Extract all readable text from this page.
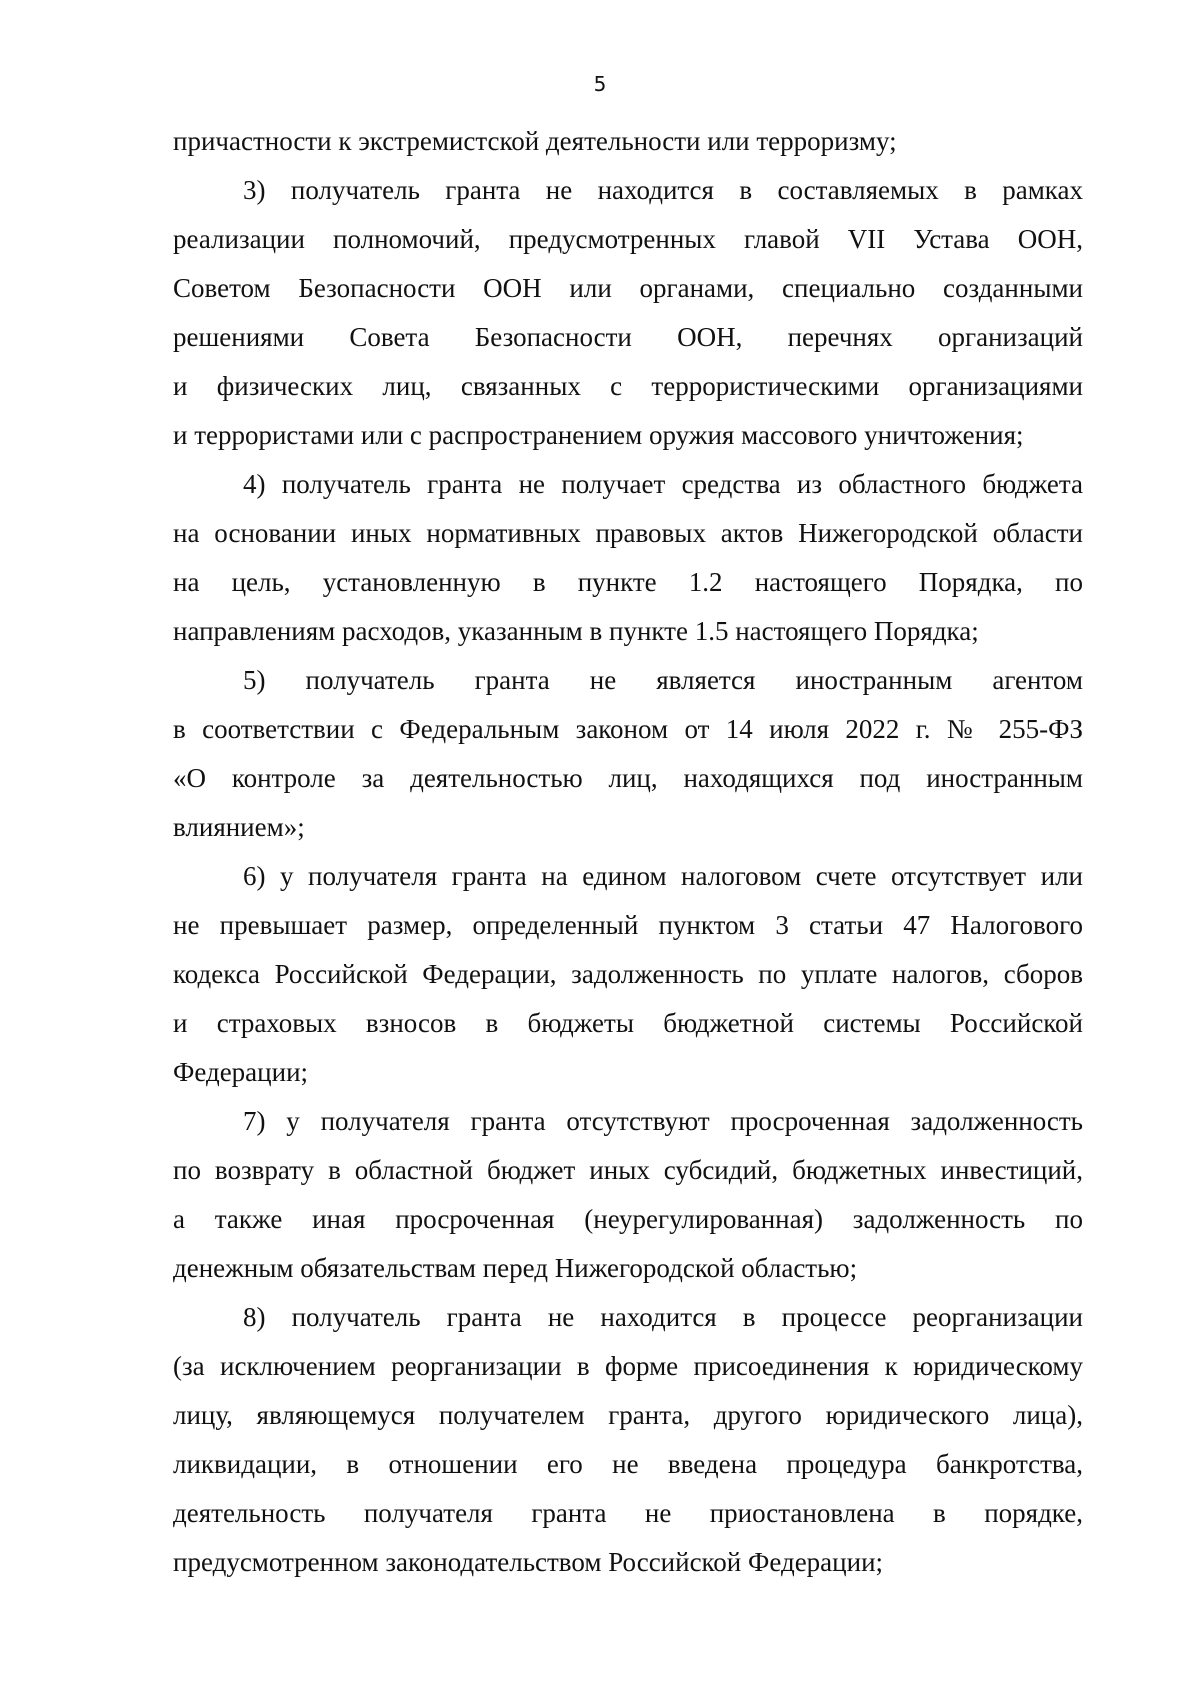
5
причастности к экстремистской деятельности или терроризму;
3) получатель гранта не находится в составляемых в рамках
реализации полномочий, предусмотренных главой VII Устава ООН,
Советом Безопасности ООН или органами, специально созданными
решениями Совета Безопасности ООН, перечнях организаций
и физических лиц, связанных с террористическими организациями
и террористами или с распространением оружия массового уничтожения;
4) получатель гранта не получает средства из областного бюджета
на основании иных нормативных правовых актов Нижегородской области
на цель, установленную в пункте 1.2 настоящего Порядка, по
направлениям расходов, указанным в пункте 1.5 настоящего Порядка;
5) получатель гранта не является иностранным агентом
в соответствии с Федеральным законом от 14 июля 2022 г. № 255-ФЗ
«О контроле за деятельностью лиц, находящихся под иностранным
влиянием»;
6) у получателя гранта на едином налоговом счете отсутствует или
не превышает размер, определенный пунктом 3 статьи 47 Налогового
кодекса Российской Федерации, задолженность по уплате налогов, сборов
и страховых взносов в бюджеты бюджетной системы Российской
Федерации;
7) у получателя гранта отсутствуют просроченная задолженность
по возврату в областной бюджет иных субсидий, бюджетных инвестиций,
а также иная просроченная (неурегулированная) задолженность по
денежным обязательствам перед Нижегородской областью;
8) получатель гранта не находится в процессе реорганизации
(за исключением реорганизации в форме присоединения к юридическому
лицу, являющемуся получателем гранта, другого юридического лица),
ликвидации, в отношении его не введена процедура банкротства,
деятельность получателя гранта не приостановлена в порядке,
предусмотренном законодательством Российской Федерации;
